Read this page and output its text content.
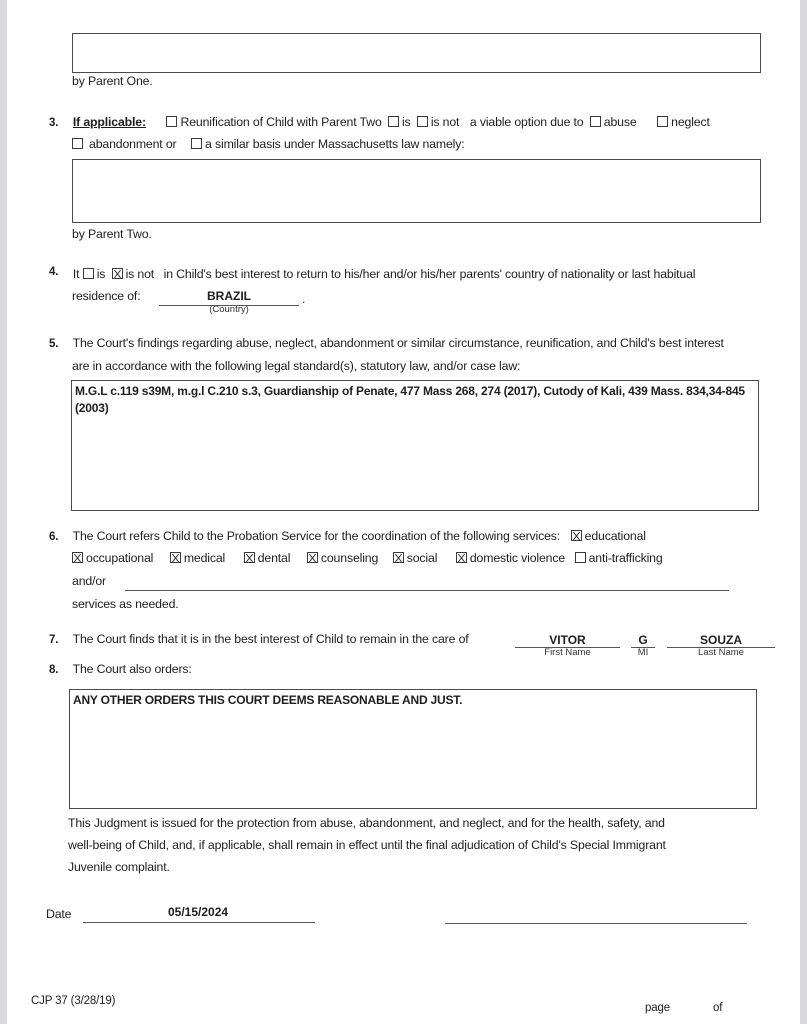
by Parent One.
3. If applicable:	Reunification of Child with Parent Two is is not a viable option due to abuse	neglect
abandonment or a similar basis under Massachusetts law namely:
by Parent Two.
4. It is is not in Child's best interest to return to his/her and/or his/her parents' country of nationality or last habitual
residence of:	BRAZIL
(Country)
.
5. The Court's findings regarding abuse, neglect, abandonment or similar circumstance, reunification, and Child's best interest
are in accordance with the following legal standard(s), statutory law, and/or case law:
M.G.L c.119 s39M, m.g.l C.210 s.3, Guardianship of Penate, 477 Mass 268, 274 (2017), Cutody of Kali, 439 Mass. 834,34-845 (2003)
6. The Court refers Child to the Probation Service for the coordination of the following services: educational
occupational medical	dental counseling social	domestic violence anti-trafficking
and/or
services as needed.
7. The Court finds that it is in the best interest of Child to remain in the care of	VITOR
First Name
G
MI
SOUZA
Last Name
8. The Court also orders:
ANY OTHER ORDERS THIS COURT DEEMS REASONABLE AND JUST.
This Judgment is issued for the protection from abuse, abandonment, and neglect, and for the health, safety, and
well-being of Child, and, if applicable, shall remain in effect until the final adjudication of Child's Special Immigrant
Juvenile complaint.
Date	05/15/2024
CJP 37 (3/28/19)
page	of
